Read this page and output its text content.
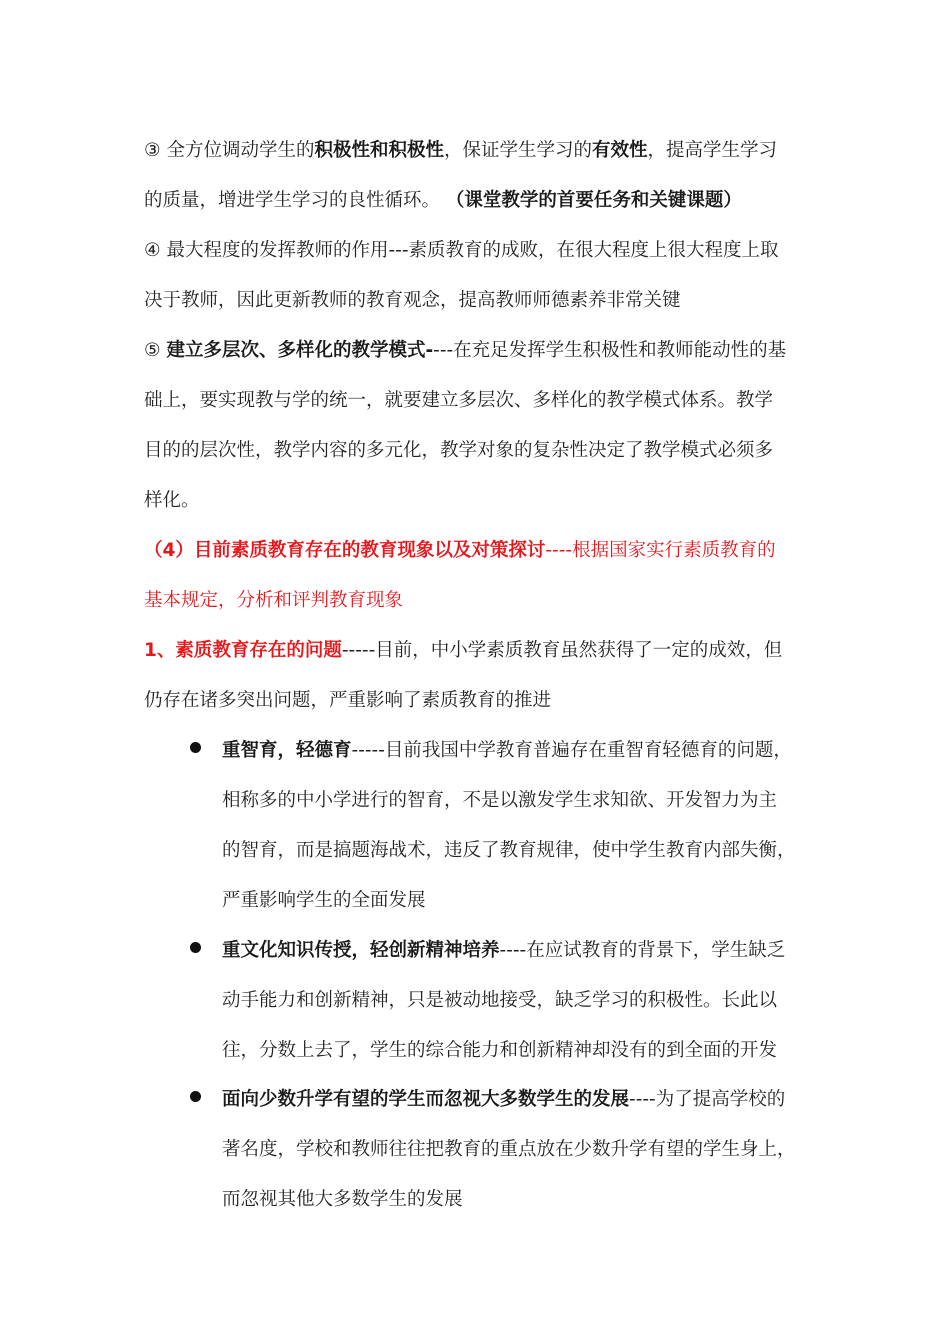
③ 全方位调动学生的积极性和积极性，保证学生学习的有效性，提高学生学习
的质量，增进学生学习的良性循环。 （课堂教学的首要任务和关键课题）
④ 最大程度的发挥教师的作用---素质教育的成败，在很大程度上很大程度上取
决于教师，因此更新教师的教育观念，提高教师师德素养非常关键
⑤ 建立多层次、多样化的教学模式----在充足发挥学生积极性和教师能动性的基
础上，要实现教与学的统一，就要建立多层次、多样化的教学模式体系。教学
目的的层次性，教学内容的多元化，教学对象的复杂性决定了教学模式必须多
样化。
（4）目前素质教育存在的教育现象以及对策探讨----根据国家实行素质教育的
基本规定，分析和评判教育现象
1、素质教育存在的问题-----目前，中小学素质教育虽然获得了一定的成效，但
仍存在诸多突出问题，严重影响了素质教育的推进
重智育，轻德育-----目前我国中学教育普遍存在重智育轻德育的问题，
相称多的中小学进行的智育，不是以激发学生求知欲、开发智力为主
的智育，而是搞题海战术，违反了教育规律，使中学生教育内部失衡，
严重影响学生的全面发展
重文化知识传授，轻创新精神培养----在应试教育的背景下，学生缺乏
动手能力和创新精神，只是被动地接受，缺乏学习的积极性。长此以
往，分数上去了，学生的综合能力和创新精神却没有的到全面的开发
面向少数升学有望的学生而忽视大多数学生的发展----为了提高学校的
著名度，学校和教师往往把教育的重点放在少数升学有望的学生身上，
而忽视其他大多数学生的发展
